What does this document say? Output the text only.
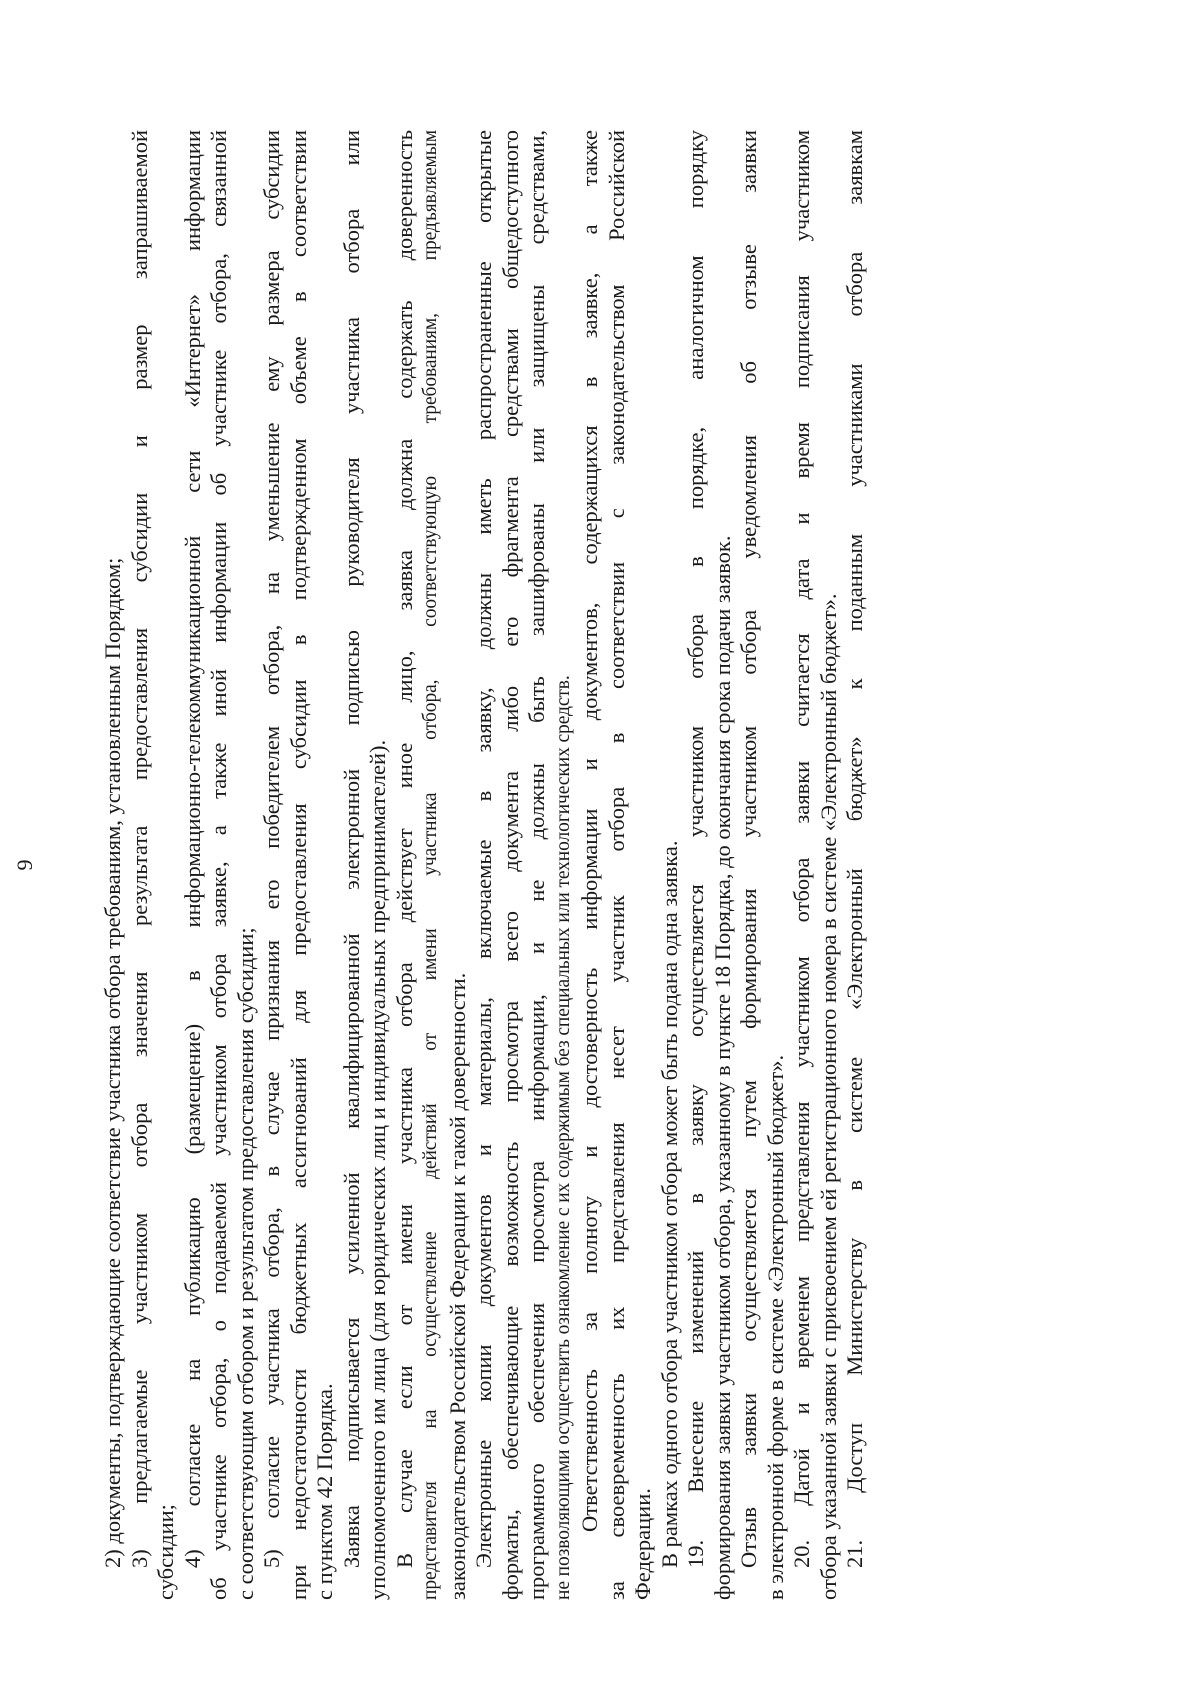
9	2) документы, подтверждающие соответствие участника отбора требованиям, установленным Порядком; 3) предлагаемые участником отбора значения результата предоставления субсидии и размер запрашиваемой субсидии; 4) согласие на публикацию (размещение) в информационно-телекоммуникационной сети «Интернет» информации об участнике отбора, о подаваемой участником отбора заявке, а также иной информации об участнике отбора, связанной с соответствующим отбором и результатом предоставления субсидии; 5) согласие участника отбора, в случае признания его победителем отбора, на уменьшение ему размера субсидии при недостаточности бюджетных ассигнований для предоставления субсидии в подтвержденном объеме в соответствии с пунктом 42 Порядка. Заявка подписывается усиленной квалифицированной электронной подписью руководителя участника отбора или уполномоченного им лица (для юридических лиц и индивидуальных предпринимателей). В случае если от имени участника отбора действует иное лицо, заявка должна содержать доверенность представителя на осуществление действий от имени участника отбора, соответствующую требованиям, предъявляемым законодательством Российской Федерации к такой доверенности. Электронные копии документов и материалы, включаемые в заявку, должны иметь распространенные открытые форматы, обеспечивающие возможность просмотра всего документа либо его фрагмента средствами общедоступного программного обеспечения просмотра информации, и не должны быть зашифрованы или защищены средствами, не позволяющими осуществить ознакомление с их содержимым без специальных или технологических средств. Ответственность за полноту и достоверность информации и документов, содержащихся в заявке, а также за своевременность их представления несет участник отбора в соответствии с законодательством Российской Федерации. В рамках одного отбора участником отбора может быть подана одна заявка. 19. Внесение изменений в заявку осуществляется участником отбора в порядке, аналогичном порядку формирования заявки участником отбора, указанному в пункте 18 Порядка, до окончания срока подачи заявок. Отзыв заявки осуществляется путем формирования участником отбора уведомления об отзыве заявки в электронной форме в системе «Электронный бюджет». 20. Датой и временем представления участником отбора заявки считается дата и время подписания участником отбора указанной заявки с присвоением ей регистрационного номера в системе «Электронный бюджет». 21. Доступ Министерству в системе «Электронный бюджет» к поданным участниками отбора заявкам
